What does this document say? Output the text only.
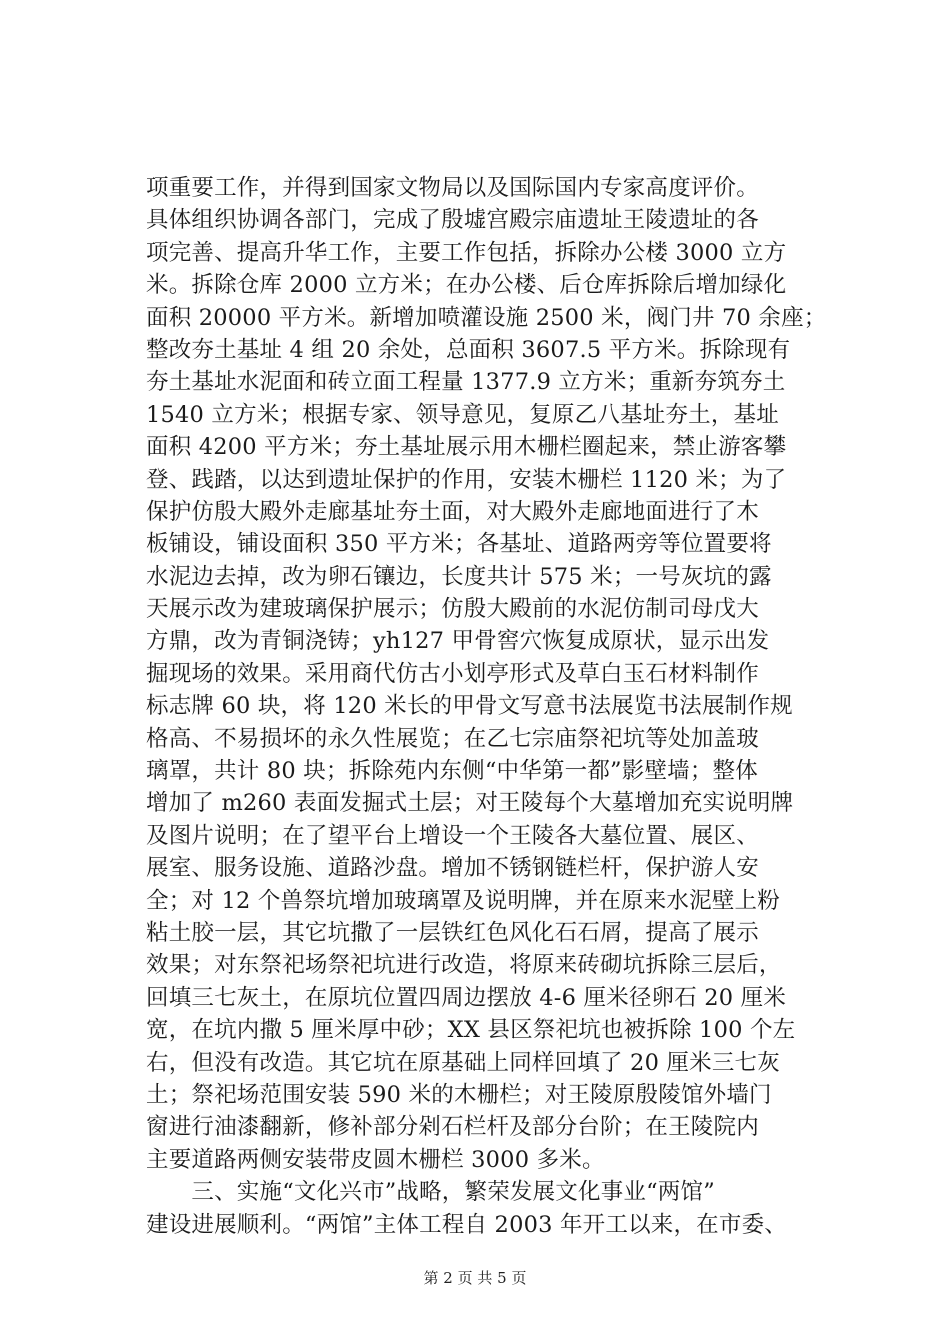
项重要工作，并得到国家文物局以及国际国内专家高度评价。
具体组织协调各部门，完成了殷墟宫殿宗庙遗址王陵遗址的各
项完善、提高升华工作，主要工作包括，拆除办公楼 3000 立方
米。拆除仓库 2000 立方米；在办公楼、后仓库拆除后增加绿化
面积 20000 平方米。新增加喷灌设施 2500 米，阀门井 70 余座；
整改夯土基址 4 组 20 余处，总面积 3607.5 平方米。拆除现有
夯土基址水泥面和砖立面工程量 1377.9 立方米；重新夯筑夯土
1540 立方米；根据专家、领导意见，复原乙八基址夯土，基址
面积 4200 平方米；夯土基址展示用木栅栏圈起来，禁止游客攀
登、践踏，以达到遗址保护的作用，安装木栅栏 1120 米；为了
保护仿殷大殿外走廊基址夯土面，对大殿外走廊地面进行了木
板铺设，铺设面积 350 平方米；各基址、道路两旁等位置要将
水泥边去掉，改为卵石镶边，长度共计 575 米；一号灰坑的露
天展示改为建玻璃保护展示；仿殷大殿前的水泥仿制司母戊大
方鼎，改为青铜浇铸；yh127 甲骨窖穴恢复成原状，显示出发
掘现场的效果。采用商代仿古小划亭形式及草白玉石材料制作
标志牌 60 块，将 120 米长的甲骨文写意书法展览书法展制作规
格高、不易损坏的永久性展览；在乙七宗庙祭祀坑等处加盖玻
璃罩，共计 80 块；拆除苑内东侧“中华第一都”影壁墙；整体
增加了 m260 表面发掘式土层；对王陵每个大墓增加充实说明牌
及图片说明；在了望平台上增设一个王陵各大墓位置、展区、
展室、服务设施、道路沙盘。增加不锈钢链栏杆，保护游人安
全；对 12 个兽祭坑增加玻璃罩及说明牌，并在原来水泥壁上粉
粘土胶一层，其它坑撒了一层铁红色风化石石屑，提高了展示
效果；对东祭祀场祭祀坑进行改造，将原来砖砌坑拆除三层后，
回填三七灰土，在原坑位置四周边摆放 4-6 厘米径卵石 20 厘米
宽，在坑内撒 5 厘米厚中砂；XX 县区祭祀坑也被拆除 100 个左
右，但没有改造。其它坑在原基础上同样回填了 20 厘米三七灰
土；祭祀场范围安装 590 米的木栅栏；对王陵原殷陵馆外墙门
窗进行油漆翻新，修补部分剁石栏杆及部分台阶；在王陵院内
主要道路两侧安装带皮圆木栅栏 3000 多米。
　　三、实施“文化兴市”战略，繁荣发展文化事业“两馆”
建设进展顺利。“两馆”主体工程自 2003 年开工以来，在市委、
第 2 页 共 5 页
